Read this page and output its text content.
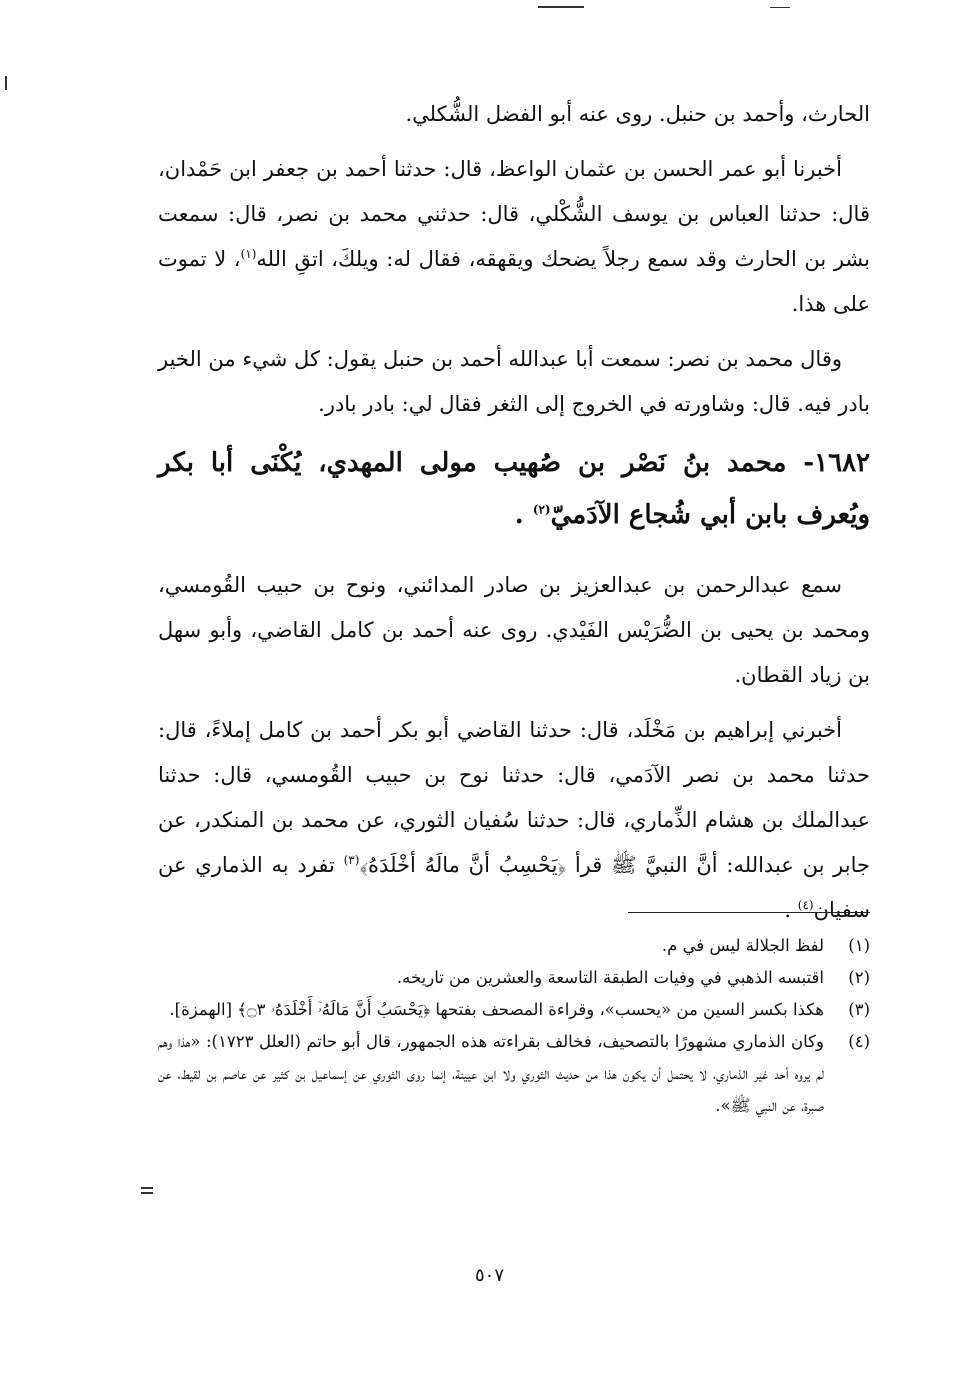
الحارث، وأحمد بن حنبل. روى عنه أبو الفضل الشُّكلي.

أخبرنا أبو عمر الحسن بن عثمان الواعظ، قال: حدثنا أحمد بن جعفر ابن حَمْدان، قال: حدثنا العباس بن يوسف الشُّكْلي، قال: حدثني محمد بن نصر، قال: سمعت بشر بن الحارث وقد سمع رجلاً يضحك ويقهقه، فقال له: ويلكَ، اتقِ الله$^{(١)}$، لا تموت على هذا.

وقال محمد بن نصر: سمعت أبا عبدالله أحمد بن حنبل يقول: كل شيء من الخير بادر فيه. قال: وشاورته في الخروج إلى الثغر فقال لي: بادر بادر.

١٦٨٢- محمد بنُ نَصْر بن صُهيب مولى المهدي، يُكْنَى أبا بكر ويُعرف بابن أبي شُجاع الآدَميّ$^{(٢)}$ .

سمع عبدالرحمن بن عبدالعزيز بن صادر المدائني، ونوح بن حبيب القُومسي، ومحمد بن يحيى بن الضُّرَيْس الفَيْدي. روى عنه أحمد بن كامل القاضي، وأبو سهل بن زياد القطان.

أخبرني إبراهيم بن مَخْلَد، قال: حدثنا القاضي أبو بكر أحمد بن كامل إملاءً، قال: حدثنا محمد بن نصر الآدَمي، قال: حدثنا نوح بن حبيب القُومسي، قال: حدثنا عبدالملك بن هشام الذِّماري، قال: حدثنا سُفيان الثوري، عن محمد بن المنكدر، عن جابر بن عبدالله: أنَّ النبيَّ ﷺ قرأ ﴿يَحْسِبُ أنَّ مالَهُ أخْلَدَهُ﴾$^{(٣)}$ تفرد به الذماري عن سفيان$^{(٤)}$ .

(١)
لفظ الجلالة ليس في م.
(٢)
اقتبسه الذهبي في وفيات الطبقة التاسعة والعشرين من تاريخه.
(٣)
هكذا بكسر السين من «يحسب»، وقراءة المصحف بفتحها ﴿يَحْسَبُ أَنَّ مَالَهُۥٓ أَخْلَدَهُۥ ۝٣﴾ [الهمزة].
(٤)
وكان الذماري مشهورًا بالتصحيف، فخالف بقراءته هذه الجمهور، قال أبو حاتم (العلل ١٧٢٣): «هذا وهم لم يروه أحد غير الذماري، لا يحتمل أن يكون هذا من حديث الثوري ولا ابن عيينة، إنما روى الثوري عن إسماعيل بن كثير عن عاصم بن لقيط، عن صبرة، عن النبي ﷺ».
٥٠٧
